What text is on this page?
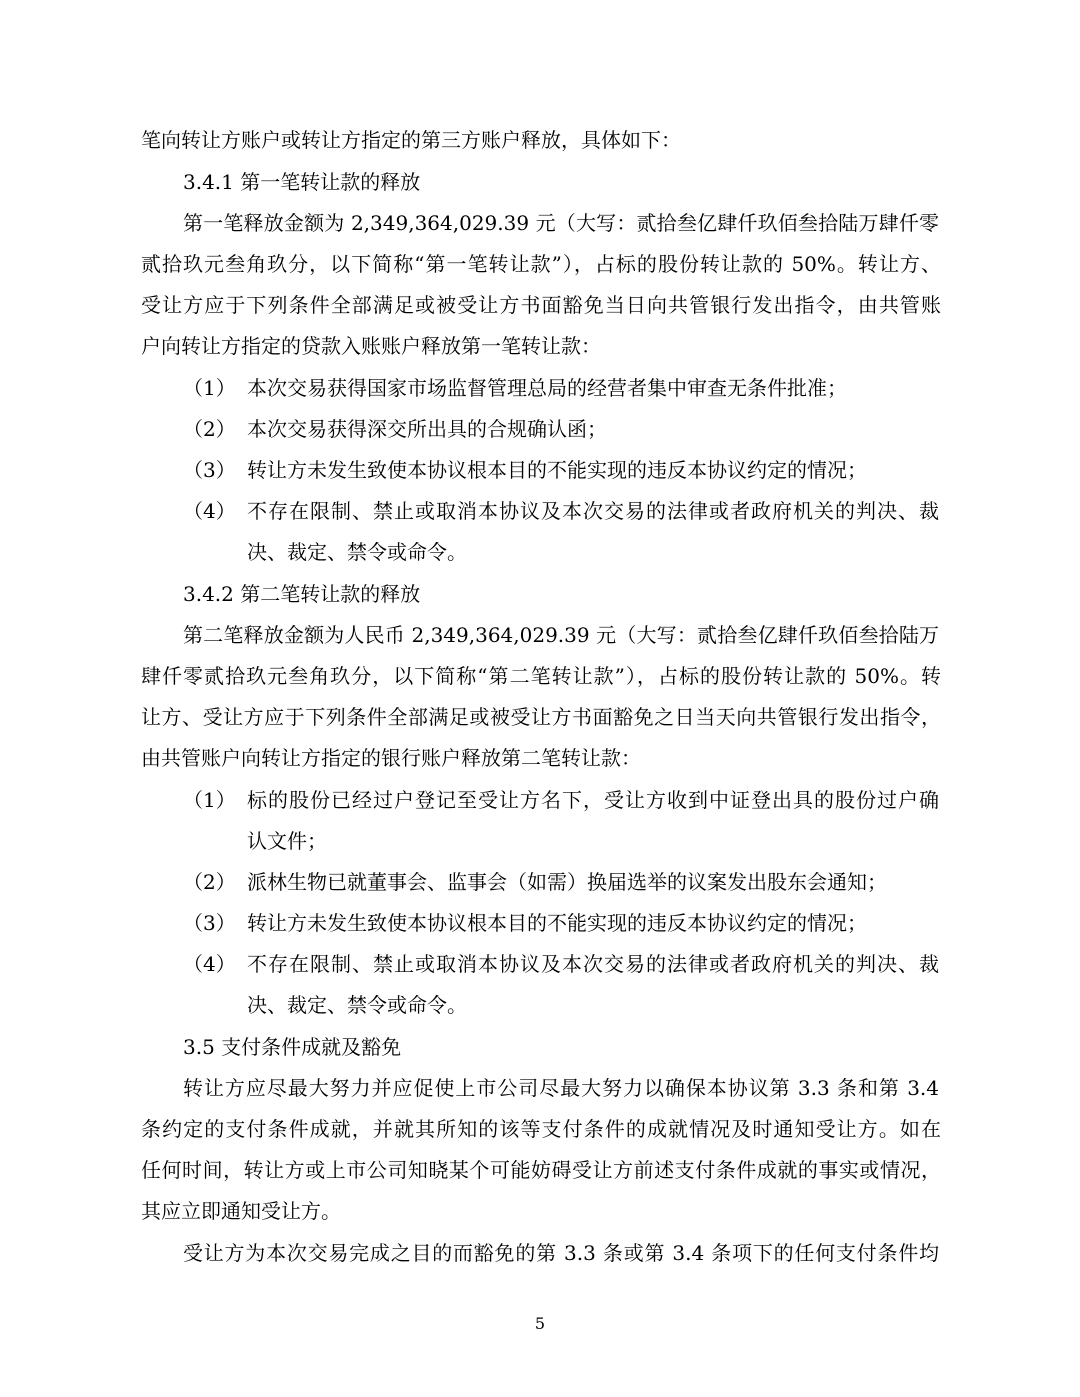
笔向转让方账户或转让方指定的第三方账户释放，具体如下：
3.4.1 第一笔转让款的释放
第一笔释放金额为 2,349,364,029.39 元（大写：贰拾叁亿肆仟玖佰叁拾陆万肆仟零
贰拾玖元叁角玖分，以下简称“第一笔转让款”），占标的股份转让款的 50%。转让方、
受让方应于下列条件全部满足或被受让方书面豁免当日向共管银行发出指令，由共管账
户向转让方指定的贷款入账账户释放第一笔转让款：
（1） 本次交易获得国家市场监督管理总局的经营者集中审查无条件批准；
（2） 本次交易获得深交所出具的合规确认函；
（3） 转让方未发生致使本协议根本目的不能实现的违反本协议约定的情况；
（4） 不存在限制、禁止或取消本协议及本次交易的法律或者政府机关的判决、裁
决、裁定、禁令或命令。
3.4.2 第二笔转让款的释放
第二笔释放金额为人民币 2,349,364,029.39 元（大写：贰拾叁亿肆仟玖佰叁拾陆万
肆仟零贰拾玖元叁角玖分，以下简称“第二笔转让款”），占标的股份转让款的 50%。转
让方、受让方应于下列条件全部满足或被受让方书面豁免之日当天向共管银行发出指令，
由共管账户向转让方指定的银行账户释放第二笔转让款：
（1） 标的股份已经过户登记至受让方名下，受让方收到中证登出具的股份过户确
认文件；
（2） 派林生物已就董事会、监事会（如需）换届选举的议案发出股东会通知；
（3） 转让方未发生致使本协议根本目的不能实现的违反本协议约定的情况；
（4） 不存在限制、禁止或取消本协议及本次交易的法律或者政府机关的判决、裁
决、裁定、禁令或命令。
3.5 支付条件成就及豁免
转让方应尽最大努力并应促使上市公司尽最大努力以确保本协议第 3.3 条和第 3.4
条约定的支付条件成就，并就其所知的该等支付条件的成就情况及时通知受让方。如在
任何时间，转让方或上市公司知晓某个可能妨碍受让方前述支付条件成就的事实或情况，
其应立即通知受让方。
受让方为本次交易完成之目的而豁免的第 3.3 条或第 3.4 条项下的任何支付条件均
5
